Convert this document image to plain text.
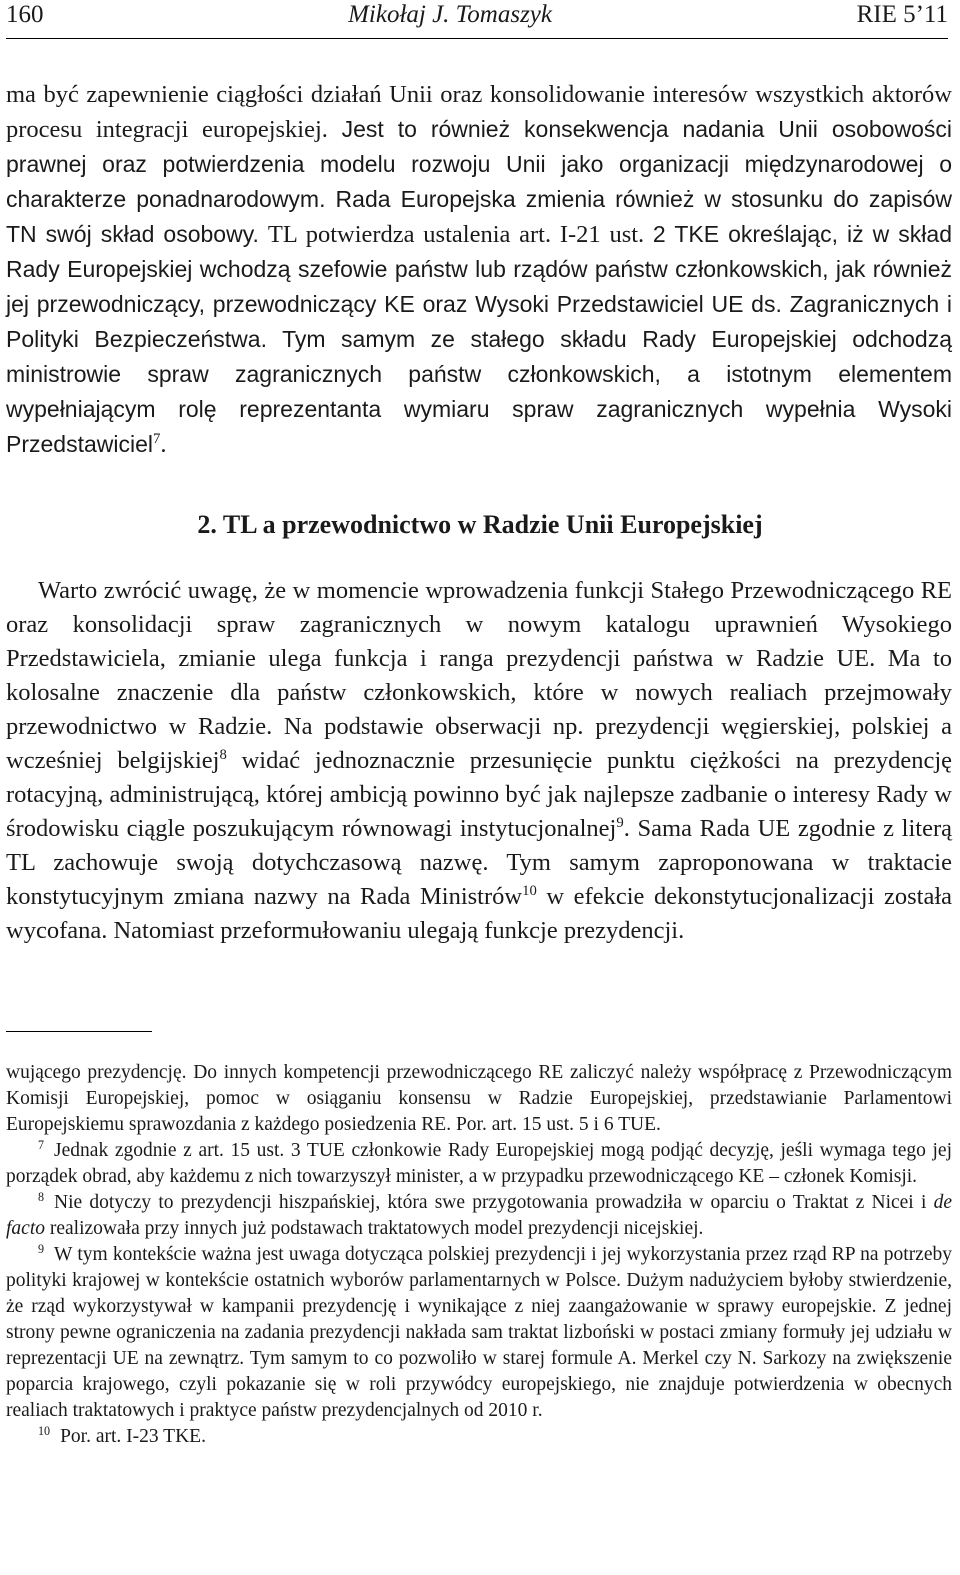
160	Mikołaj J. Tomaszyk	RIE 5’11

ma być zapewnienie ciągłości działań Unii oraz konsolidowanie interesów wszystkich aktorów procesu integracji europejskiej. Jest to również konsekwencja nadania Unii osobowości prawnej oraz potwierdzenia modelu rozwoju Unii jako organizacji międzynarodowej o charakterze ponadnarodowym. Rada Europejska zmienia również w stosunku do zapisów TN swój skład osobowy. TL potwierdza ustalenia art. I-21 ust. 2 TKE określając, iż w skład Rady Europejskiej wchodzą szefowie państw lub rządów państw członkowskich, jak również jej przewodniczący, przewodniczący KE oraz Wysoki Przedstawiciel UE ds. Zagranicznych i Polityki Bezpieczeństwa. Tym samym ze stałego składu Rady Europejskiej odchodzą ministrowie spraw zagranicznych państw członkowskich, a istotnym elementem wypełniającym rolę reprezentanta wymiaru spraw zagranicznych wypełnia Wysoki Przedstawiciel$^7$.

2. TL a przewodnictwo w Radzie Unii Europejskiej

Warto zwrócić uwagę, że w momencie wprowadzenia funkcji Stałego Przewodniczącego RE oraz konsolidacji spraw zagranicznych w nowym katalogu uprawnień Wysokiego Przedstawiciela, zmianie ulega funkcja i ranga prezydencji państwa w Radzie UE. Ma to kolosalne znaczenie dla państw członkowskich, które w nowych realiach przejmowały przewodnictwo w Radzie. Na podstawie obserwacji np. prezydencji węgierskiej, polskiej a wcześniej belgijskiej$^8$ widać jednoznacznie przesunięcie punktu ciężkości na prezydencję rotacyjną, administrującą, której ambicją powinno być jak najlepsze zadbanie o interesy Rady w środowisku ciągle poszukującym równowagi instytucjonalnej$^9$. Sama Rada UE zgodnie z literą TL zachowuje swoją dotychczasową nazwę. Tym samym zaproponowana w traktacie konstytucyjnym zmiana nazwy na Rada Ministrów$^{10}$ w efekcie dekonstytucjonalizacji została wycofana. Natomiast przeformułowaniu ulegają funkcje prezydencji.

wującego prezydencję. Do innych kompetencji przewodniczącego RE zaliczyć należy współpracę z Przewodniczącym Komisji Europejskiej, pomoc w osiąganiu konsensu w Radzie Europejskiej, przedstawianie Parlamentowi Europejskiemu sprawozdania z każdego posiedzenia RE. Por. art. 15 ust. 5 i 6 TUE.

$^7$ Jednak zgodnie z art. 15 ust. 3 TUE członkowie Rady Europejskiej mogą podjąć decyzję, jeśli wymaga tego jej porządek obrad, aby każdemu z nich towarzyszył minister, a w przypadku przewodniczącego KE – członek Komisji.

$^8$ Nie dotyczy to prezydencji hiszpańskiej, która swe przygotowania prowadziła w oparciu o Traktat z Nicei i de facto realizowała przy innych już podstawach traktatowych model prezydencji nicejskiej.

$^9$ W tym kontekście ważna jest uwaga dotycząca polskiej prezydencji i jej wykorzystania przez rząd RP na potrzeby polityki krajowej w kontekście ostatnich wyborów parlamentarnych w Polsce. Dużym nadużyciem byłoby stwierdzenie, że rząd wykorzystywał w kampanii prezydencję i wynikające z niej zaangażowanie w sprawy europejskie. Z jednej strony pewne ograniczenia na zadania prezydencji nakłada sam traktat lizboński w postaci zmiany formuły jej udziału w reprezentacji UE na zewnątrz. Tym samym to co pozwoliło w starej formule A. Merkel czy N. Sarkozy na zwiększenie poparcia krajowego, czyli pokazanie się w roli przywódcy europejskiego, nie znajduje potwierdzenia w obecnych realiach traktatowych i praktyce państw prezydencjalnych od 2010 r.

$^{10}$ Por. art. I-23 TKE.
